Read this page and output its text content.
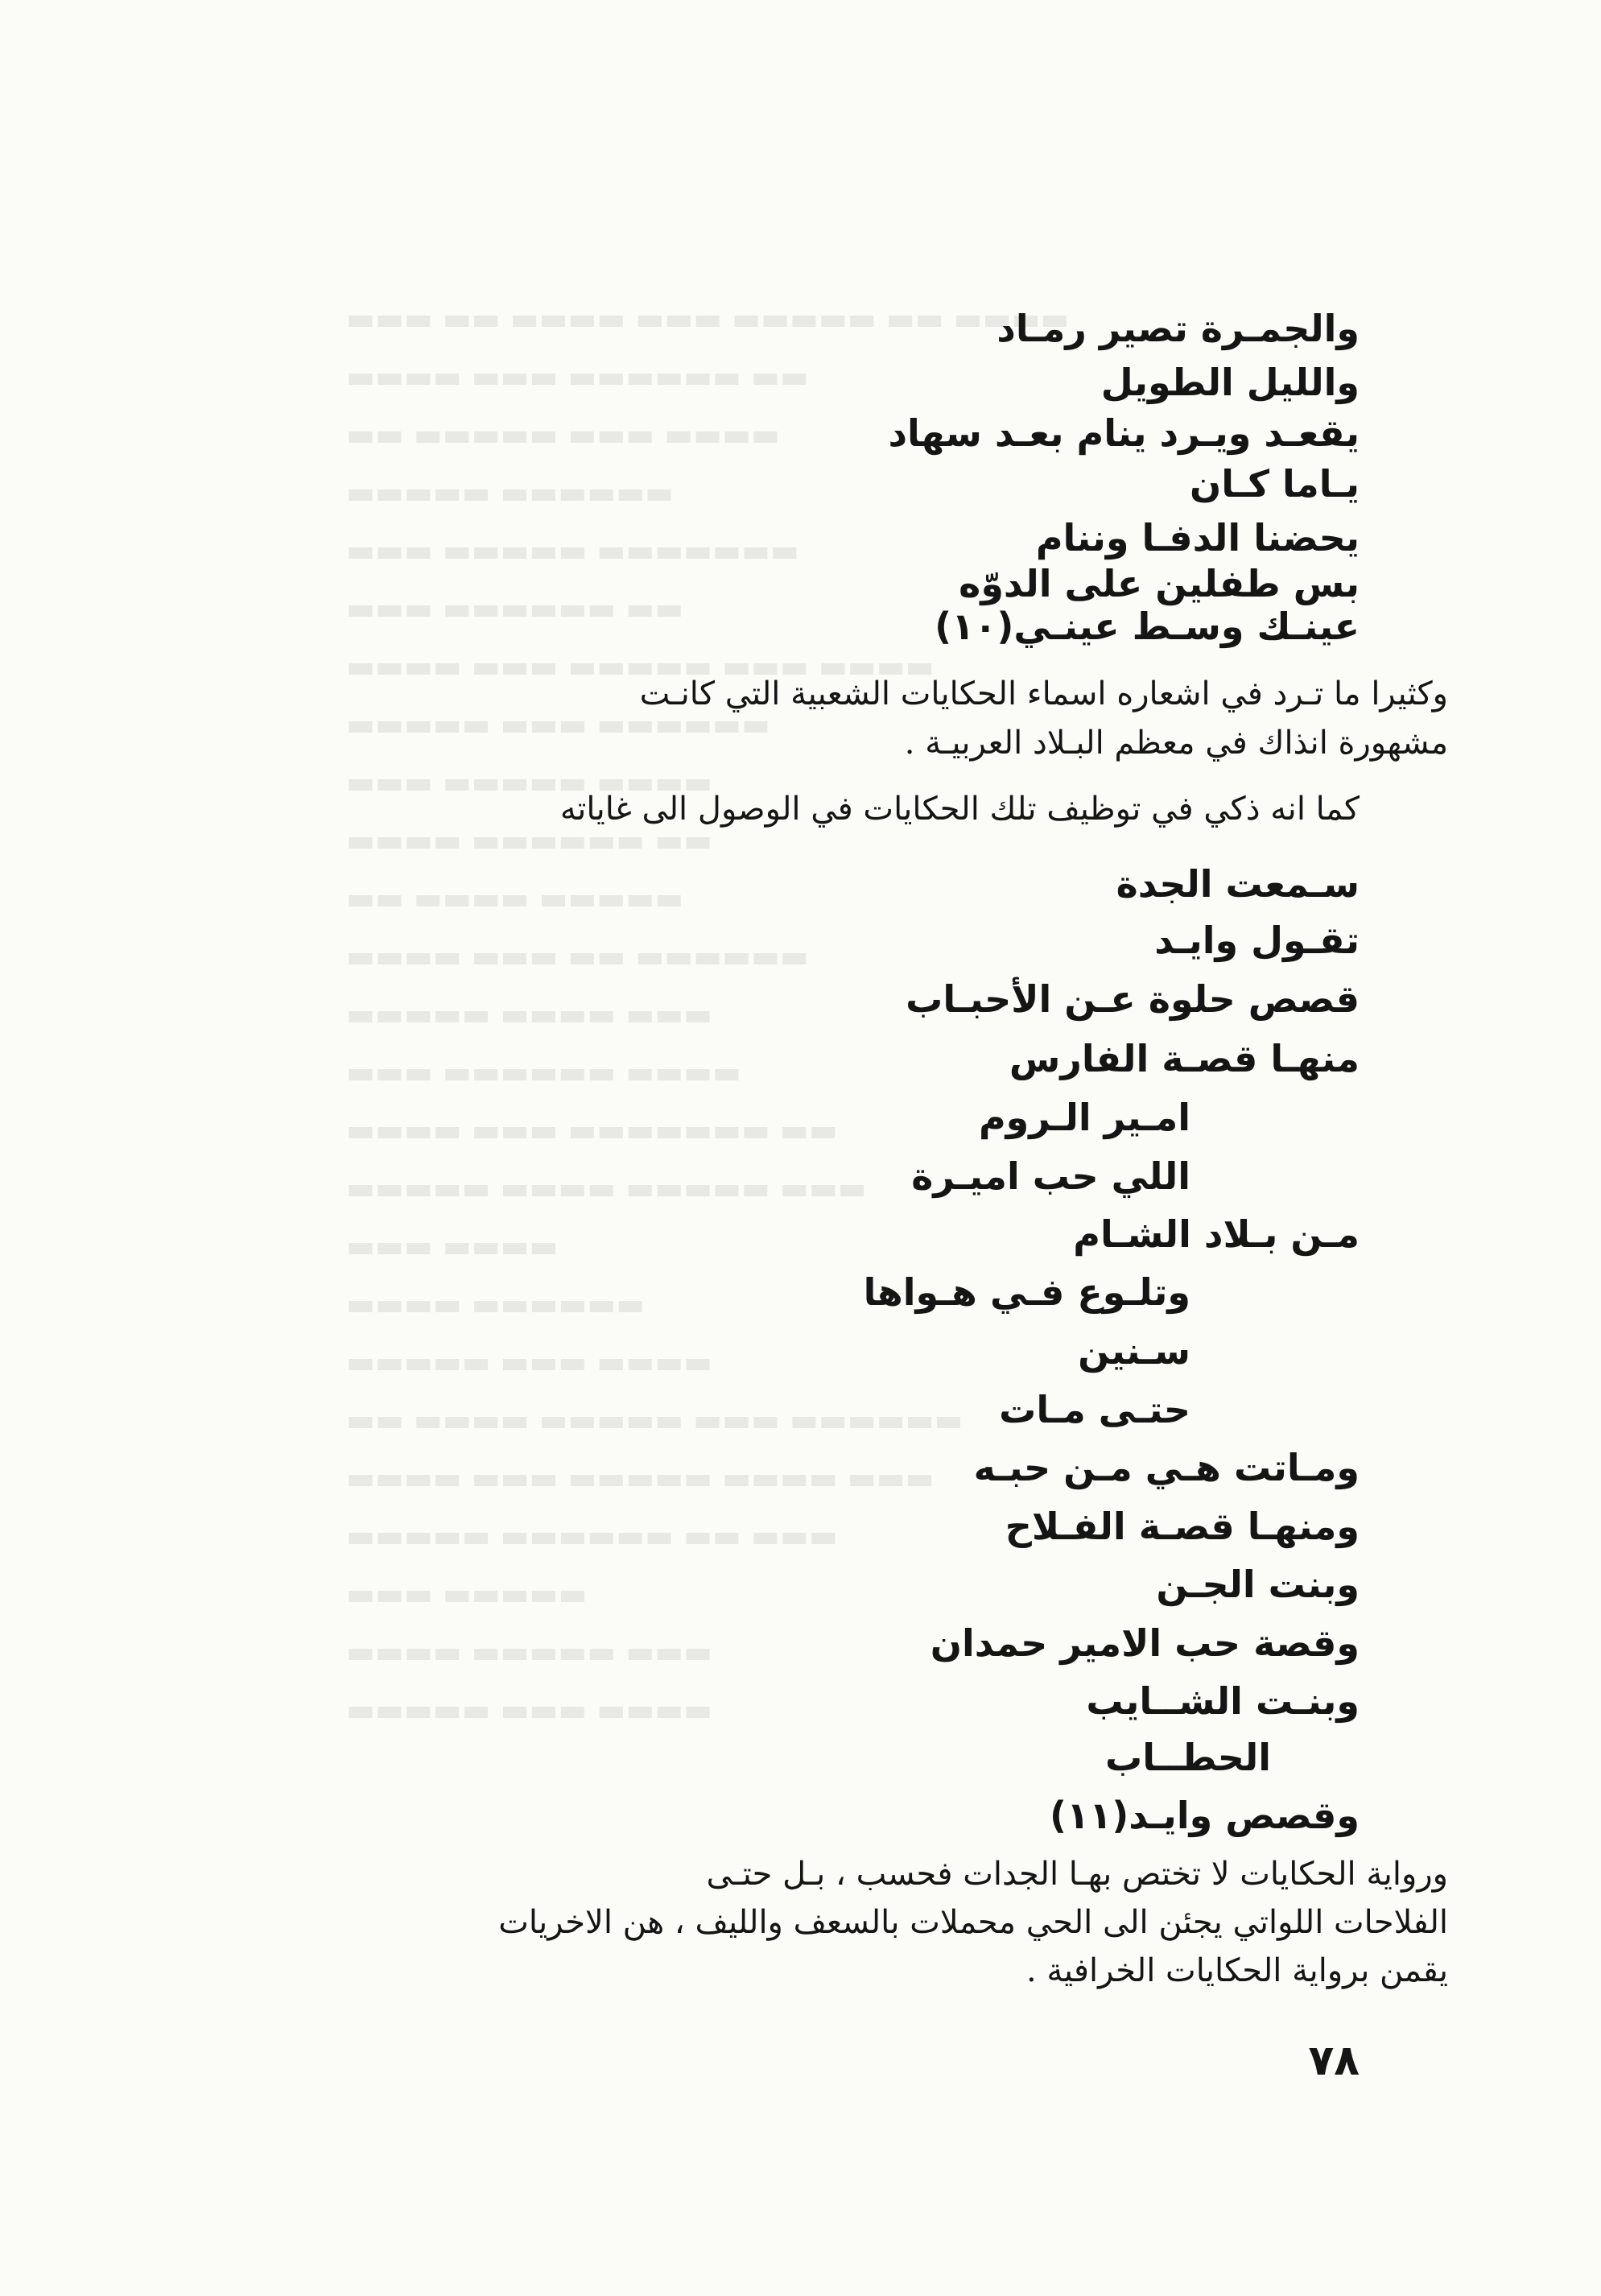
▬▬▬ ▬▬ ▬▬▬▬ ▬▬▬ ▬▬▬▬▬ ▬▬ ▬▬▬▬
▬▬▬▬ ▬▬▬ ▬▬▬▬▬▬ ▬▬
▬▬ ▬▬▬▬▬ ▬▬▬ ▬▬▬▬
▬▬▬▬▬ ▬▬▬▬▬▬
▬▬▬ ▬▬▬▬▬ ▬▬▬▬▬▬▬
▬▬▬ ▬▬▬▬▬▬ ▬▬
▬▬▬▬ ▬▬▬ ▬▬▬▬▬ ▬▬▬ ▬▬▬▬
▬▬▬▬▬ ▬▬▬ ▬▬▬▬▬▬
▬▬▬ ▬▬▬▬▬ ▬▬▬▬
▬▬▬▬ ▬▬▬▬▬▬ ▬▬
▬▬ ▬▬▬▬ ▬▬▬▬▬
▬▬▬▬ ▬▬▬ ▬▬ ▬▬▬▬▬▬
▬▬▬▬▬ ▬▬▬▬ ▬▬▬
▬▬▬ ▬▬▬▬▬▬ ▬▬▬▬
▬▬▬▬ ▬▬▬ ▬▬▬▬▬▬▬ ▬▬
▬▬▬▬▬ ▬▬▬▬ ▬▬▬▬▬ ▬▬▬
▬▬▬ ▬▬▬▬
▬▬▬▬ ▬▬▬▬▬▬
▬▬▬▬▬ ▬▬▬ ▬▬▬▬
▬▬ ▬▬▬▬ ▬▬▬▬▬ ▬▬▬ ▬▬▬▬▬▬
▬▬▬▬ ▬▬▬ ▬▬▬▬▬ ▬▬▬▬ ▬▬▬
▬▬▬▬▬ ▬▬▬▬▬▬ ▬▬ ▬▬▬
▬▬▬ ▬▬▬▬▬
▬▬▬▬ ▬▬▬▬▬ ▬▬▬
▬▬▬▬▬ ▬▬▬ ▬▬▬▬
والجمـرة تصير رمـاد
والليل الطويل
يقعـد ويـرد ينام بعـد سهاد
يـاما كـان
يحضنا الدفـا وننام
بس طفلين على الدوّه
عينـك وسـط عينـي(١٠)
وكثيرا ما تـرد في اشعاره اسماء الحكايات الشعبية التي كانـت
مشهورة انذاك في معظم البـلاد العربيـة .
كما انه ذكي في توظيف تلك الحكايات في الوصول الى غاياته
سـمعت الجدة
تقـول وايـد
قصص حلوة عـن الأحبـاب
منهـا قصـة الفارس
امـير الـروم
اللي حب اميـرة
مـن بـلاد الشـام
وتلـوع فـي هـواها
سـنين
حتـى مـات
ومـاتت هـي مـن حبـه
ومنهـا قصـة الفـلاح
وبنت الجـن
وقصة حب الامير حمدان
وبنـت الشــايب
الحطــاب
وقصص وايـد(١١)
ورواية الحكايات لا تختص بهـا الجدات فحسب ، بـل حتـى
الفلاحات اللواتي يجئن الى الحي محملات بالسعف والليف ، هن الاخريات
يقمن برواية الحكايات الخرافية .
٧٨
